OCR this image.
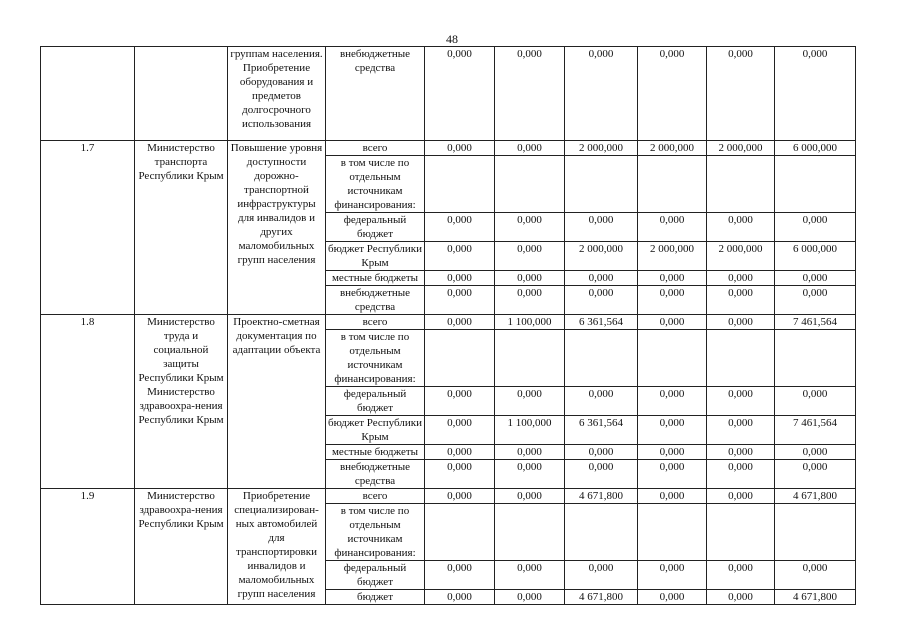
48
		группам населения. Приобретение оборудования и предметов долгосрочного использования	внебюджетные средства	0,000	0,000	0,000	0,000	0,000	0,000
1.7	Министерство транспорта Республики Крым	Повышение уровня доступности дорожно-транспортной инфраструктуры для инвалидов и других маломобильных групп населения	всего	0,000	0,000	2 000,000	2 000,000	2 000,000	6 000,000
			в том числе по отдельным источникам финансирования:						
			федеральный бюджет	0,000	0,000	0,000	0,000	0,000	0,000
			бюджет Республики Крым	0,000	0,000	2 000,000	2 000,000	2 000,000	6 000,000
			местные бюджеты	0,000	0,000	0,000	0,000	0,000	0,000
			внебюджетные средства	0,000	0,000	0,000	0,000	0,000	0,000
1.8	Министерство труда и социальной защиты Республики Крым Министерство здравоохра-нения Республики Крым	Проектно-сметная документация по адаптации объекта	всего	0,000	1 100,000	6 361,564	0,000	0,000	7 461,564
			в том числе по отдельным источникам финансирования:						
			федеральный бюджет	0,000	0,000	0,000	0,000	0,000	0,000
			бюджет Республики Крым	0,000	1 100,000	6 361,564	0,000	0,000	7 461,564
			местные бюджеты	0,000	0,000	0,000	0,000	0,000	0,000
			внебюджетные средства	0,000	0,000	0,000	0,000	0,000	0,000
1.9	Министерство здравоохра-нения Республики Крым	Приобретение специализирован-ных автомобилей для транспортировки инвалидов и маломобильных групп населения	всего	0,000	0,000	4 671,800	0,000	0,000	4 671,800
			в том числе по отдельным источникам финансирования:						
			федеральный бюджет	0,000	0,000	0,000	0,000	0,000	0,000
			бюджет	0,000	0,000	4 671,800	0,000	0,000	4 671,800
